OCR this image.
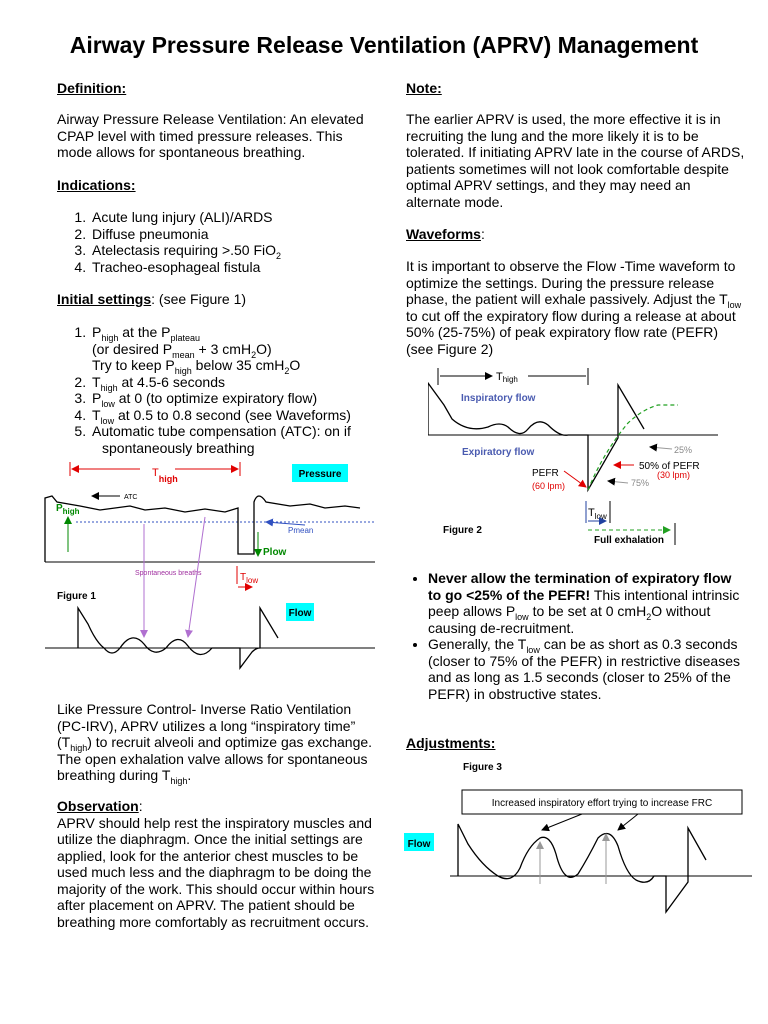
Airway Pressure Release Ventilation (APRV) Management

Definition:

Airway Pressure Release Ventilation: An elevated CPAP level with timed pressure releases. This mode allows for spontaneous breathing.

Indications:

1. Acute lung injury (ALI)/ARDS
2. Diffuse pneumonia
3. Atelectasis requiring >.50 FiO$_2$
4. Tracheo-esophageal fistula

Initial settings: (see Figure 1)

1. $P_{high}$ at the $P_{plateau}$
(or desired $P_{mean} + 3$ cmH$_2$O)
Try to keep $P_{high}$ below 35 cmH$_2$O
2. $T_{high}$ at 4.5-6 seconds
3. $P_{low}$ at 0 (to optimize expiratory flow)
4. $T_{low}$ at 0.5 to 0.8 second (see Waveforms)
5. Automatic tube compensation (ATC): on if
spontaneously breathing
$T_{high}$	Pressure
$P_{high}$
ATC
Pmean
Plow
Spontaneous breaths	$T_{low}$
Flow
Figure 1

Like Pressure Control- Inverse Ratio Ventilation (PC-IRV), APRV utilizes a long “inspiratory time” $(T_{high})$ to recruit alveoli and optimize gas exchange. The open exhalation valve allows for spontaneous breathing during $T_{high}$.

Observation:

APRV should help rest the inspiratory muscles and utilize the diaphragm. Once the initial settings are applied, look for the anterior chest muscles to be used much less and the diaphragm to be doing the majority of the work. This should occur within hours after placement on APRV. The patient should be breathing more comfortably as recruitment occurs.

Note:

The earlier APRV is used, the more effective it is in recruiting the lung and the more likely it is to be tolerated. If initiating APRV late in the course of ARDS, patients sometimes will not look comfortable despite optimal APRV settings, and they may need an alternate mode.

Waveforms:

It is important to observe the Flow -Time waveform to optimize the settings. During the pressure release phase, the patient will exhale passively. Adjust the $T_{low}$ to cut off the expiratory flow during a release at about 50% (25-75%) of peak expiratory flow rate (PEFR) (see Figure 2)

Thigh
Inspiratory flow
Expiratory flow	25%
50% of PEFR
(30 lpm)
75%
PEFR
(60 lpm)
$T_{low}$
Full exhalation
Figure 2
• Never allow the termination of expiratory flow to go <25% of the PEFR! This intentional intrinsic peep allows $P_{low}$ to be set at 0 cmH$_2$O without causing de-recruitment.
• Generally, the $T_{low}$ can be as short as 0.3 seconds (closer to 75% of the PEFR) in restrictive diseases and as long as 1.5 seconds (closer to 25% of the PEFR) in obstructive states.

Adjustments:

Figure 3
Increased inspiratory effort trying to increase FRC
Flow
